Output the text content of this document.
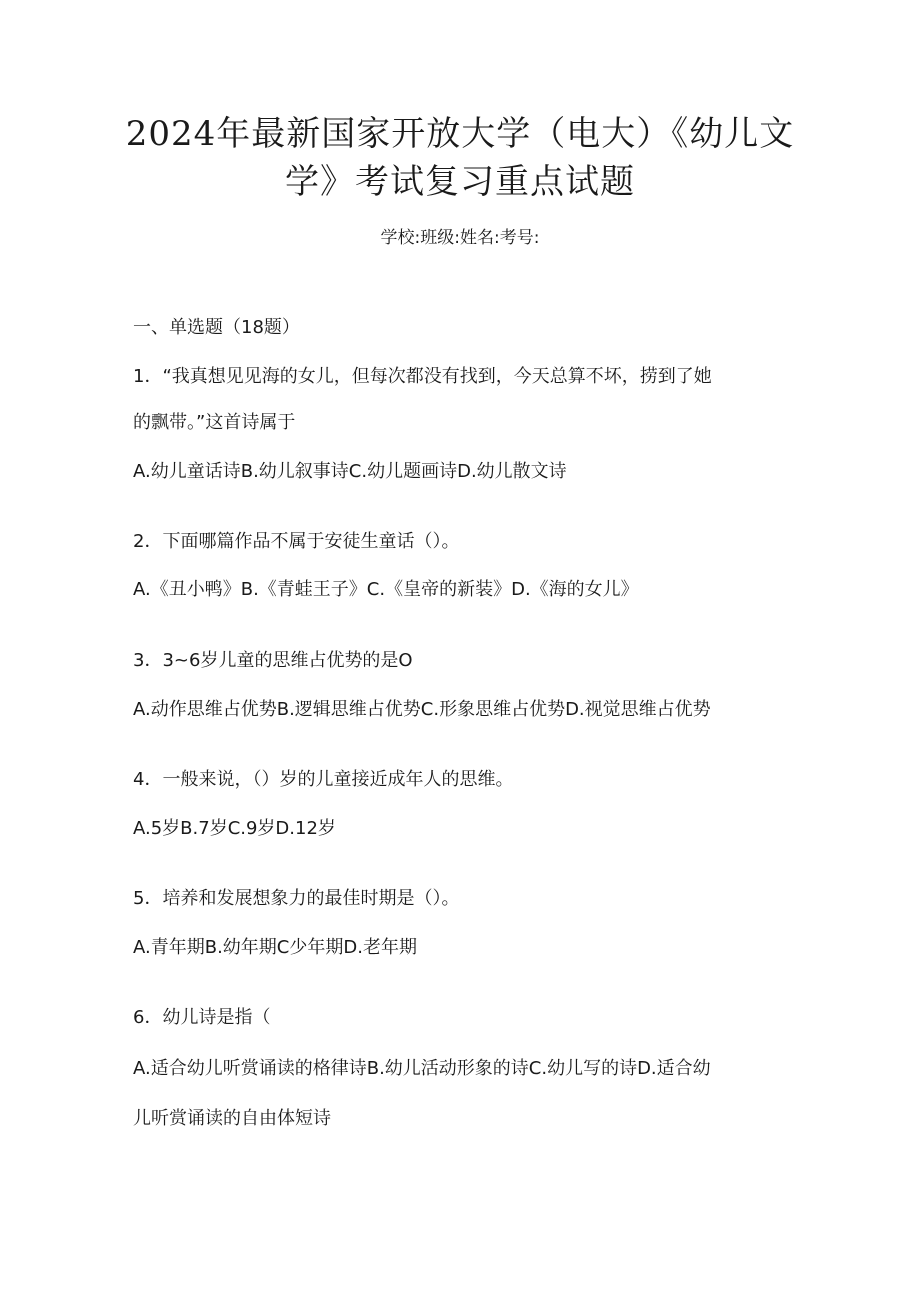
2024年最新国家开放大学（电大）《幼儿文
学》考试复习重点试题
学校:班级:姓名:考号:
一、单选题（18题）
1．“我真想见见海的女儿，但每次都没有找到，今天总算不坏，捞到了她
的飘带。”这首诗属于
A.幼儿童话诗B.幼儿叙事诗C.幼儿题画诗D.幼儿散文诗
2．下面哪篇作品不属于安徒生童话（）。
A.《丑小鸭》B.《青蛙王子》C.《皇帝的新装》D.《海的女儿》
3．3~6岁儿童的思维占优势的是O
A.动作思维占优势B.逻辑思维占优势C.形象思维占优势D.视觉思维占优势
4．一般来说，（）岁的儿童接近成年人的思维。
A.5岁B.7岁C.9岁D.12岁
5．培养和发展想象力的最佳时期是（）。
A.青年期B.幼年期C少年期D.老年期
6．幼儿诗是指（
A.适合幼儿听赏诵读的格律诗B.幼儿活动形象的诗C.幼儿写的诗D.适合幼
儿听赏诵读的自由体短诗
